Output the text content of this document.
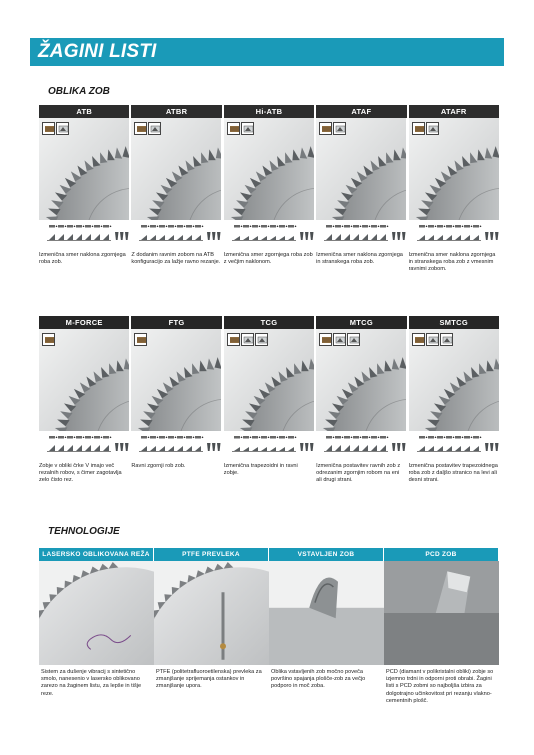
ŽAGINI LISTI
OBLIKA ZOB
ATB
Izmenična smer naklona zgornjega roba zob.
ATBR
Z dodanim ravnim zobom na ATB konfiguracijo za lažje ravno rezanje.
Hi-ATB
Izmenična smer zgornjega roba zob z večjim naklonom.
ATAF
Izmenična smer naklona zgornjega in stranskega roba zob.
ATAFR
Izmenična smer naklona zgornjega in stranskega roba zob z vmesnim ravnimi zobom.
M-FORCE
Zobje v obliki črke V imajo več rezalnih robov, s čimer zagotavlja zelo čisto rez.
FTG
Ravni zgornji rob zob.
TCG
Izmenična trapezoidni in ravni zobje.
MTCG
Izmenična postavitev ravnih zob z odrezanim zgornjim robom na eni ali drugi strani.
SMTCG
Izmenična postavitev trapezoidnega roba zob z daljšo stranico na levi ali desni strani.
TEHNOLOGIJE
LASERSKO OBLIKOVANA REŽA
Sistem za dušenje vibracij s sintetično smolo, nanesenio v lasersko oblikovano zarezo na žaginem listu, za lepše in tišje reze.
PTFE PREVLEKA
PTFE (politetrafluoroetilenska) prevleka za zmanjšanje sprijemanja ostankov in zmanjšanje upora.
VSTAVLJEN ZOB
Oblika vstavljenih zob močno poveča površino spajanja plošče-zob za večjo podporo in moč zoba.
PCD ZOB
PCD (diamant v polikristalni obliki) zobje so izjemno trdni in odporni proti obrabi. Žagini listi s PCD zobmi so najboljša izbira za dolgotrajno učinkovitost pri rezanju vlakno-cementnih plošč.
